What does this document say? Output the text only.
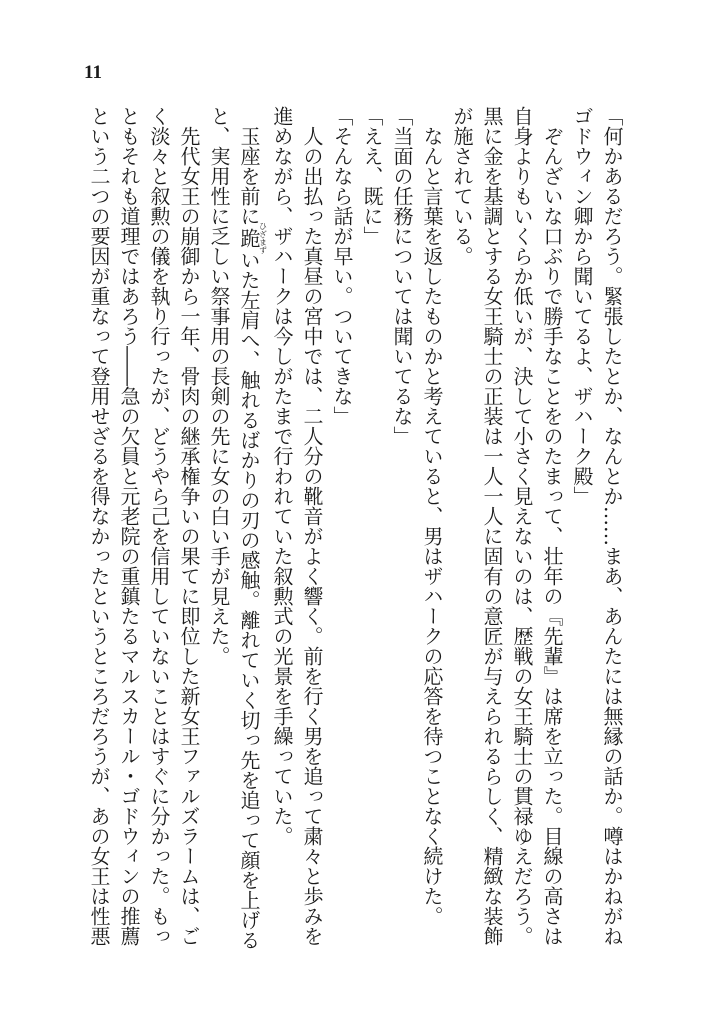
11
「何かあるだろう。緊張したとか、なんとか……まあ、あんたには無縁の話か。噂はかねがね
ゴドウィン卿から聞いてるよ、ザハーク殿」
　ぞんざいな口ぶりで勝手なことをのたまって、壮年の『先輩』は席を立った。目線の高さは
自身よりもいくらか低いが、決して小さく見えないのは、歴戦の女王騎士の貫禄ゆえだろう。
黒に金を基調とする女王騎士の正装は一人一人に固有の意匠が与えられるらしく、精緻な装飾
が施されている。
　なんと言葉を返したものかと考えていると、男はザハークの応答を待つことなく続けた。
「当面の任務については聞いてるな」
「ええ、既に」
「そんなら話が早い。ついてきな」
　人の出払った真昼の宮中では、二人分の靴音がよく響く。前を行く男を追って粛々と歩みを
進めながら、ザハークは今しがたまで行われていた叙勲式の光景を手繰っていた。
　玉座を前に跪ひざまずいた左肩へ、触れるばかりの刃の感触。離れていく切っ先を追って顔を上げる
と、実用性に乏しい祭事用の長剣の先に女の白い手が見えた。
　先代女王の崩御から一年、骨肉の継承権争いの果てに即位した新女王ファルズラームは、ご
く淡々と叙勲の儀を執り行ったが、どうやら己を信用していないことはすぐに分かった。もっ
ともそれも道理ではあろう――急の欠員と元老院の重鎮たるマルスカール・ゴドウィンの推薦
という二つの要因が重なって登用せざるを得なかったというところだろうが、あの女王は性悪
